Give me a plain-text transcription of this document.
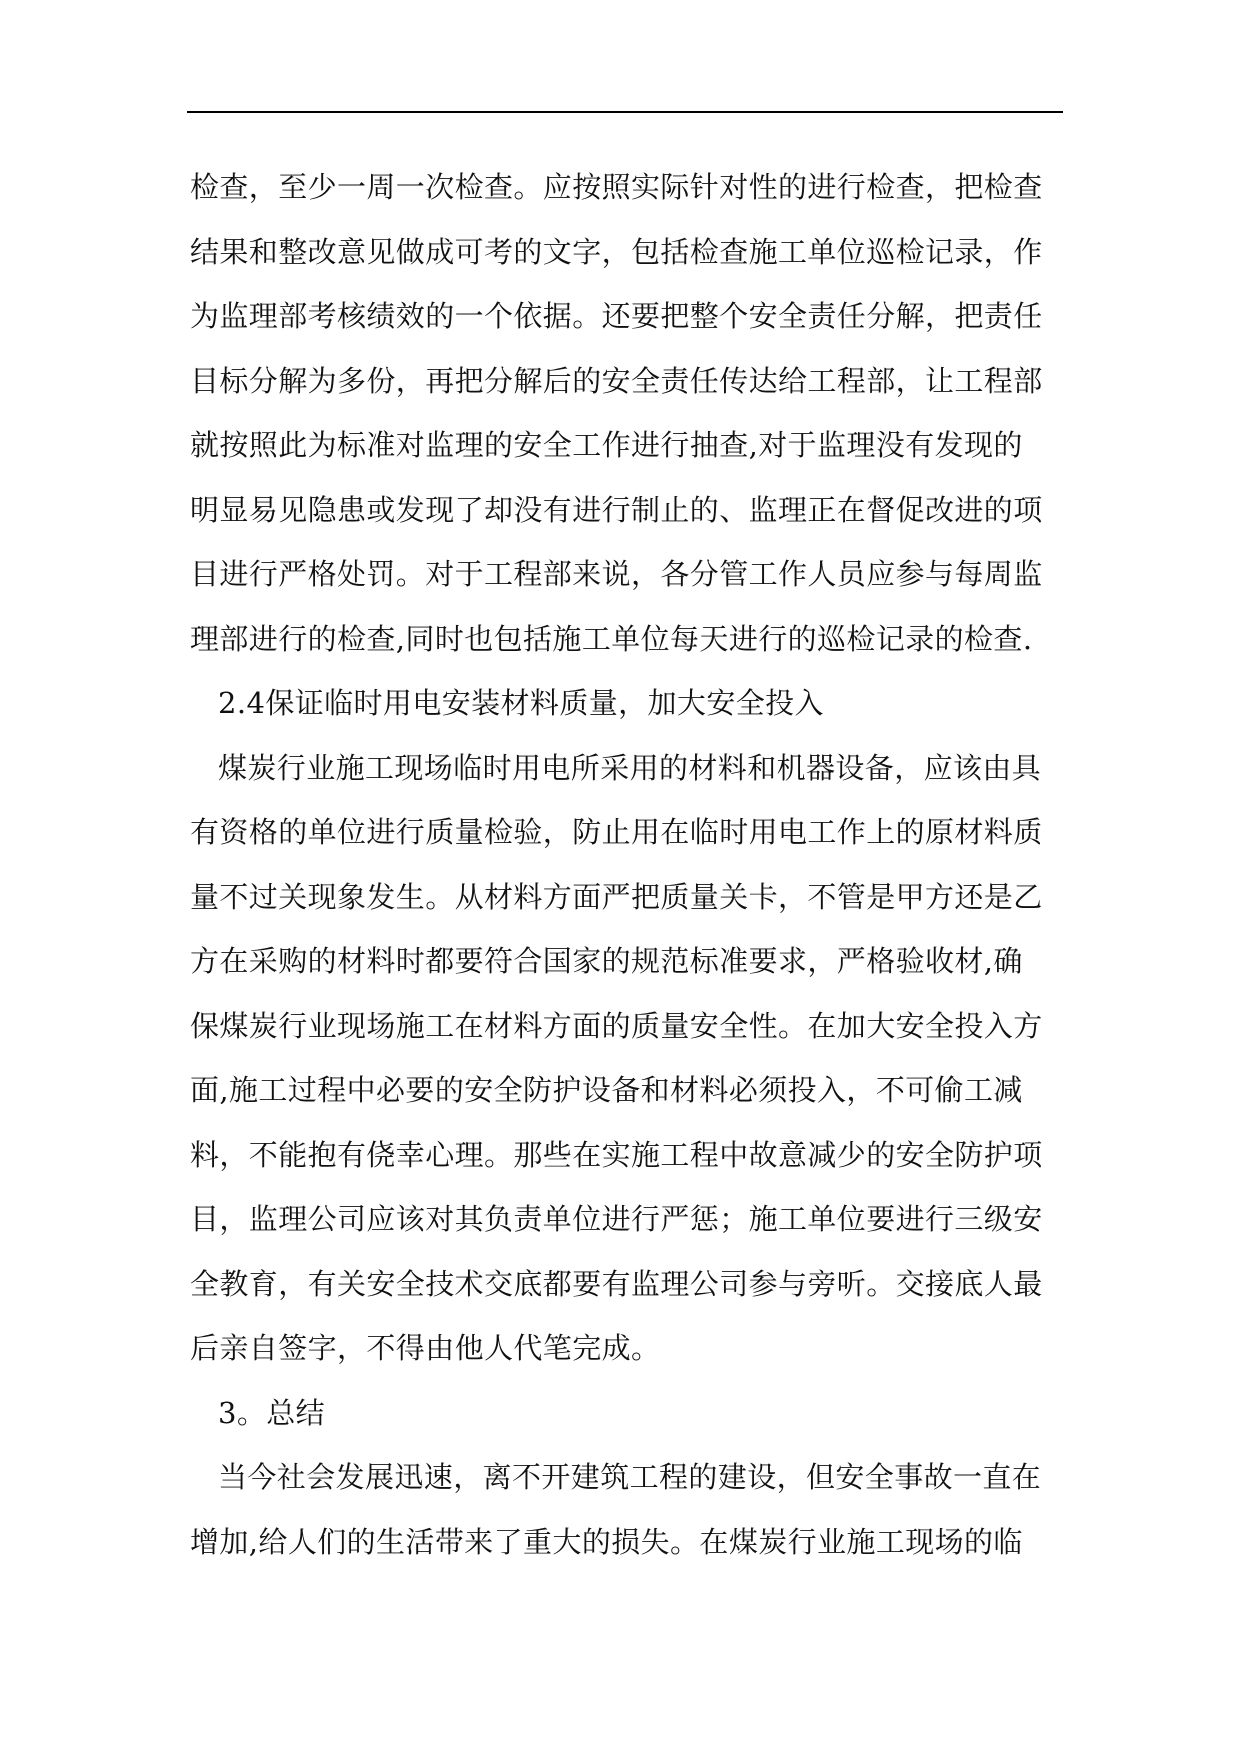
检查，至少一周一次检查。应按照实际针对性的进行检查，把检查
结果和整改意见做成可考的文字，包括检查施工单位巡检记录，作
为监理部考核绩效的一个依据。还要把整个安全责任分解，把责任
目标分解为多份，再把分解后的安全责任传达给工程部，让工程部
就按照此为标准对监理的安全工作进行抽查,对于监理没有发现的
明显易见隐患或发现了却没有进行制止的、监理正在督促改进的项
目进行严格处罚。对于工程部来说，各分管工作人员应参与每周监
理部进行的检查,同时也包括施工单位每天进行的巡检记录的检查.
2.4保证临时用电安装材料质量，加大安全投入
煤炭行业施工现场临时用电所采用的材料和机器设备，应该由具
有资格的单位进行质量检验，防止用在临时用电工作上的原材料质
量不过关现象发生。从材料方面严把质量关卡，不管是甲方还是乙
方在采购的材料时都要符合国家的规范标准要求，严格验收材,确
保煤炭行业现场施工在材料方面的质量安全性。在加大安全投入方
面,施工过程中必要的安全防护设备和材料必须投入，不可偷工减
料，不能抱有侥幸心理。那些在实施工程中故意减少的安全防护项
目，监理公司应该对其负责单位进行严惩；施工单位要进行三级安
全教育，有关安全技术交底都要有监理公司参与旁听。交接底人最
后亲自签字，不得由他人代笔完成。
3。总结
当今社会发展迅速，离不开建筑工程的建设，但安全事故一直在
增加,给人们的生活带来了重大的损失。在煤炭行业施工现场的临
